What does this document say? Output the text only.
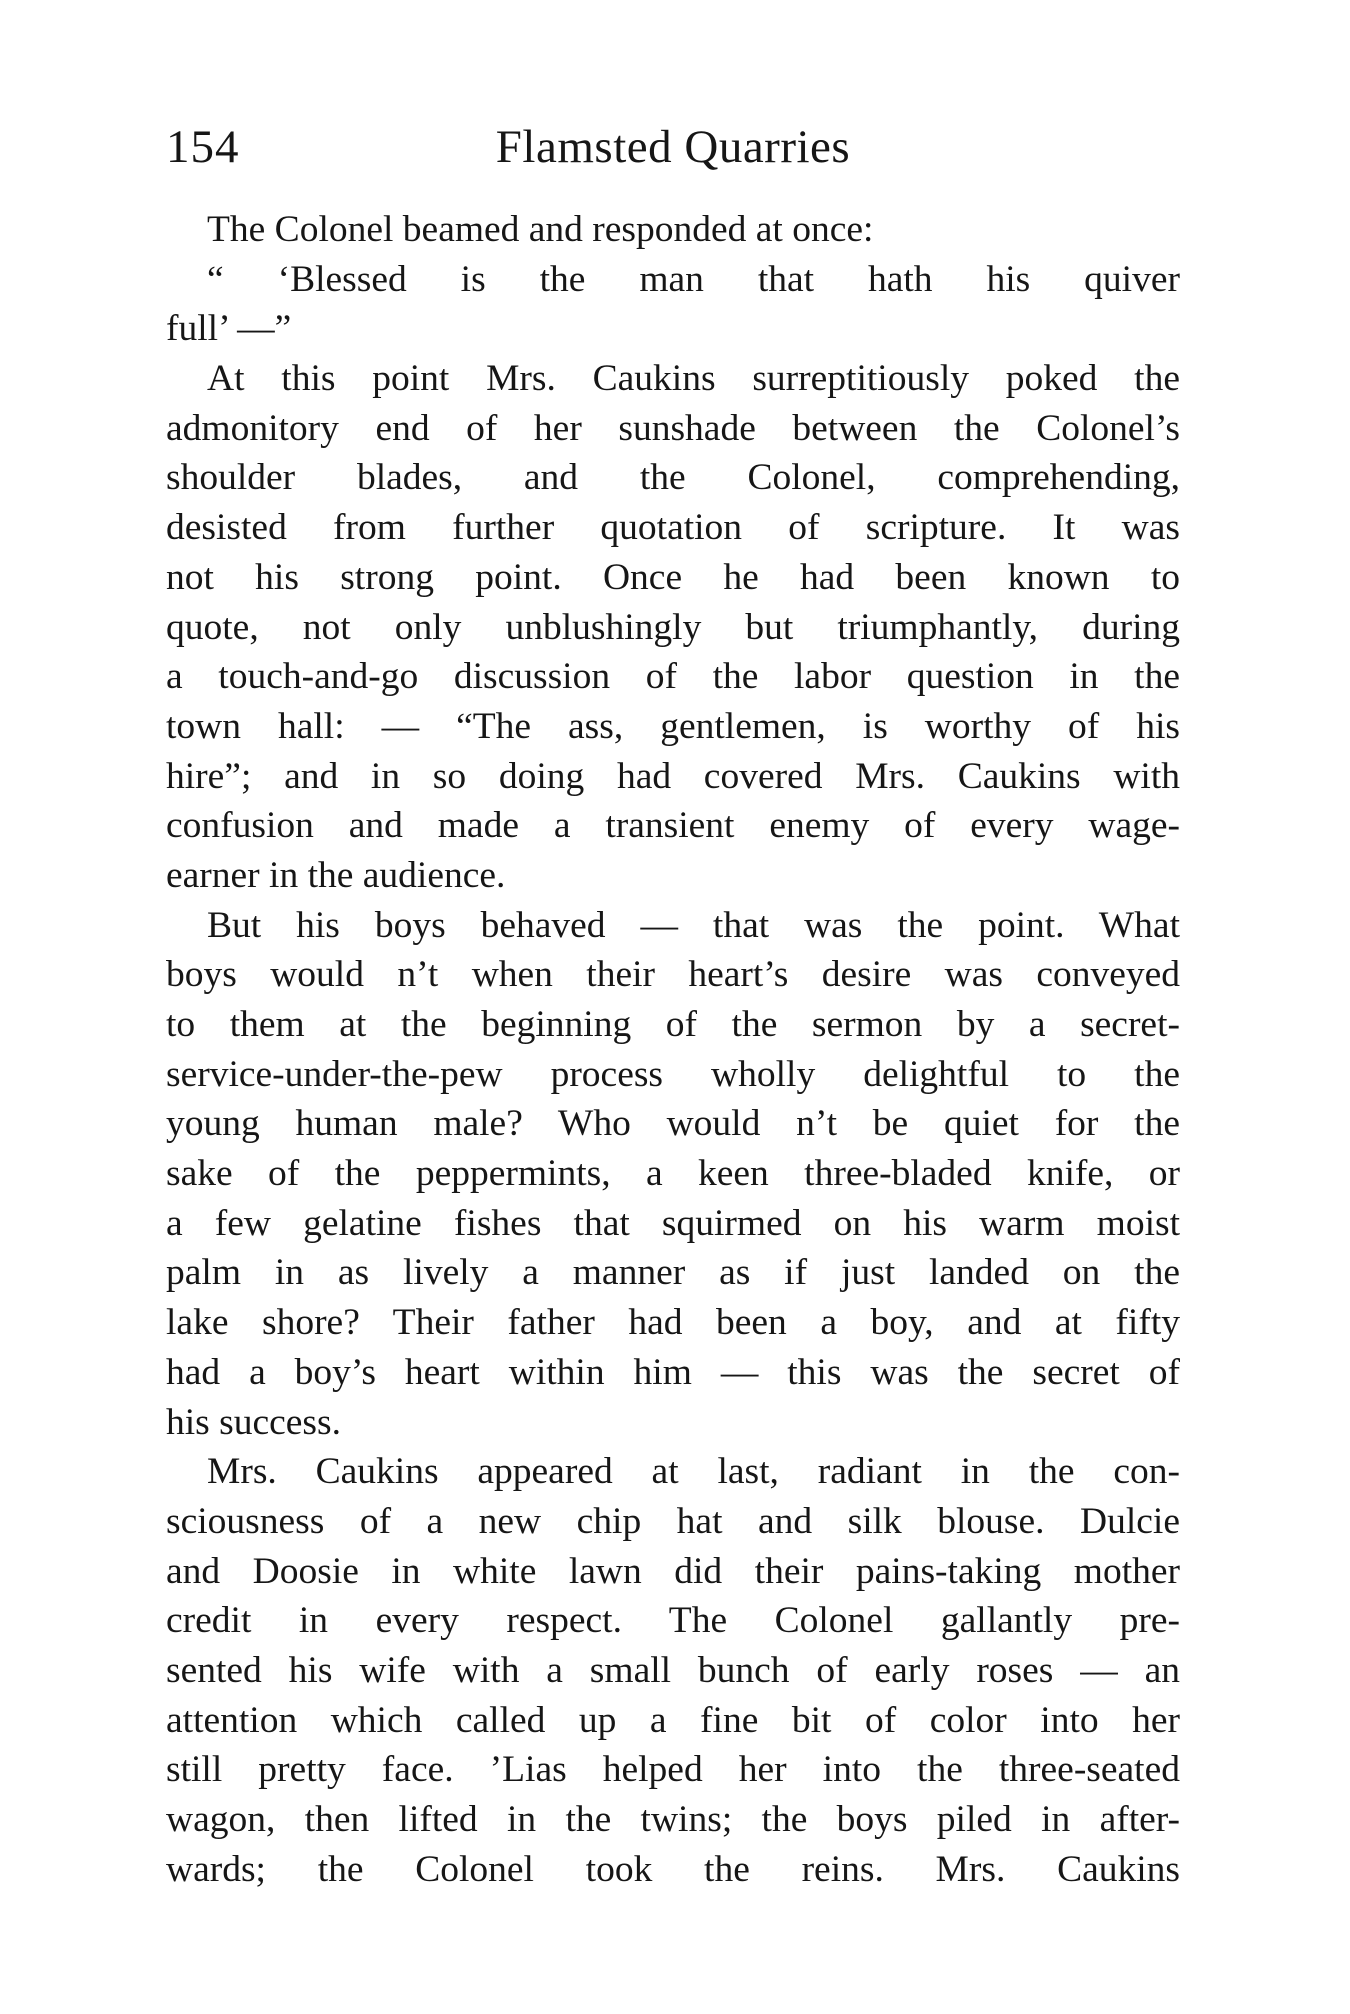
154	Flamsted Quarries
The Colonel beamed and responded at once:
“ ‘Blessed is the man that hath his quiver
full’ —”
At this point Mrs. Caukins surreptitiously poked the
admonitory end of her sunshade between the Colonel’s
shoulder blades, and the Colonel, comprehending,
desisted from further quotation of scripture. It was
not his strong point. Once he had been known to
quote, not only unblushingly but triumphantly, during
a touch-and-go discussion of the labor question in the
town hall: — “The ass, gentlemen, is worthy of his
hire”; and in so doing had covered Mrs. Caukins with
confusion and made a transient enemy of every wage-
earner in the audience.
But his boys behaved — that was the point. What
boys would n’t when their heart’s desire was conveyed
to them at the beginning of the sermon by a secret-
service-under-the-pew process wholly delightful to the
young human male? Who would n’t be quiet for the
sake of the peppermints, a keen three-bladed knife, or
a few gelatine fishes that squirmed on his warm moist
palm in as lively a manner as if just landed on the
lake shore? Their father had been a boy, and at fifty
had a boy’s heart within him — this was the secret of
his success.
Mrs. Caukins appeared at last, radiant in the con-
sciousness of a new chip hat and silk blouse. Dulcie
and Doosie in white lawn did their pains-taking mother
credit in every respect. The Colonel gallantly pre-
sented his wife with a small bunch of early roses — an
attention which called up a fine bit of color into her
still pretty face. ’Lias helped her into the three-seated
wagon, then lifted in the twins; the boys piled in after-
wards; the Colonel took the reins. Mrs. Caukins
